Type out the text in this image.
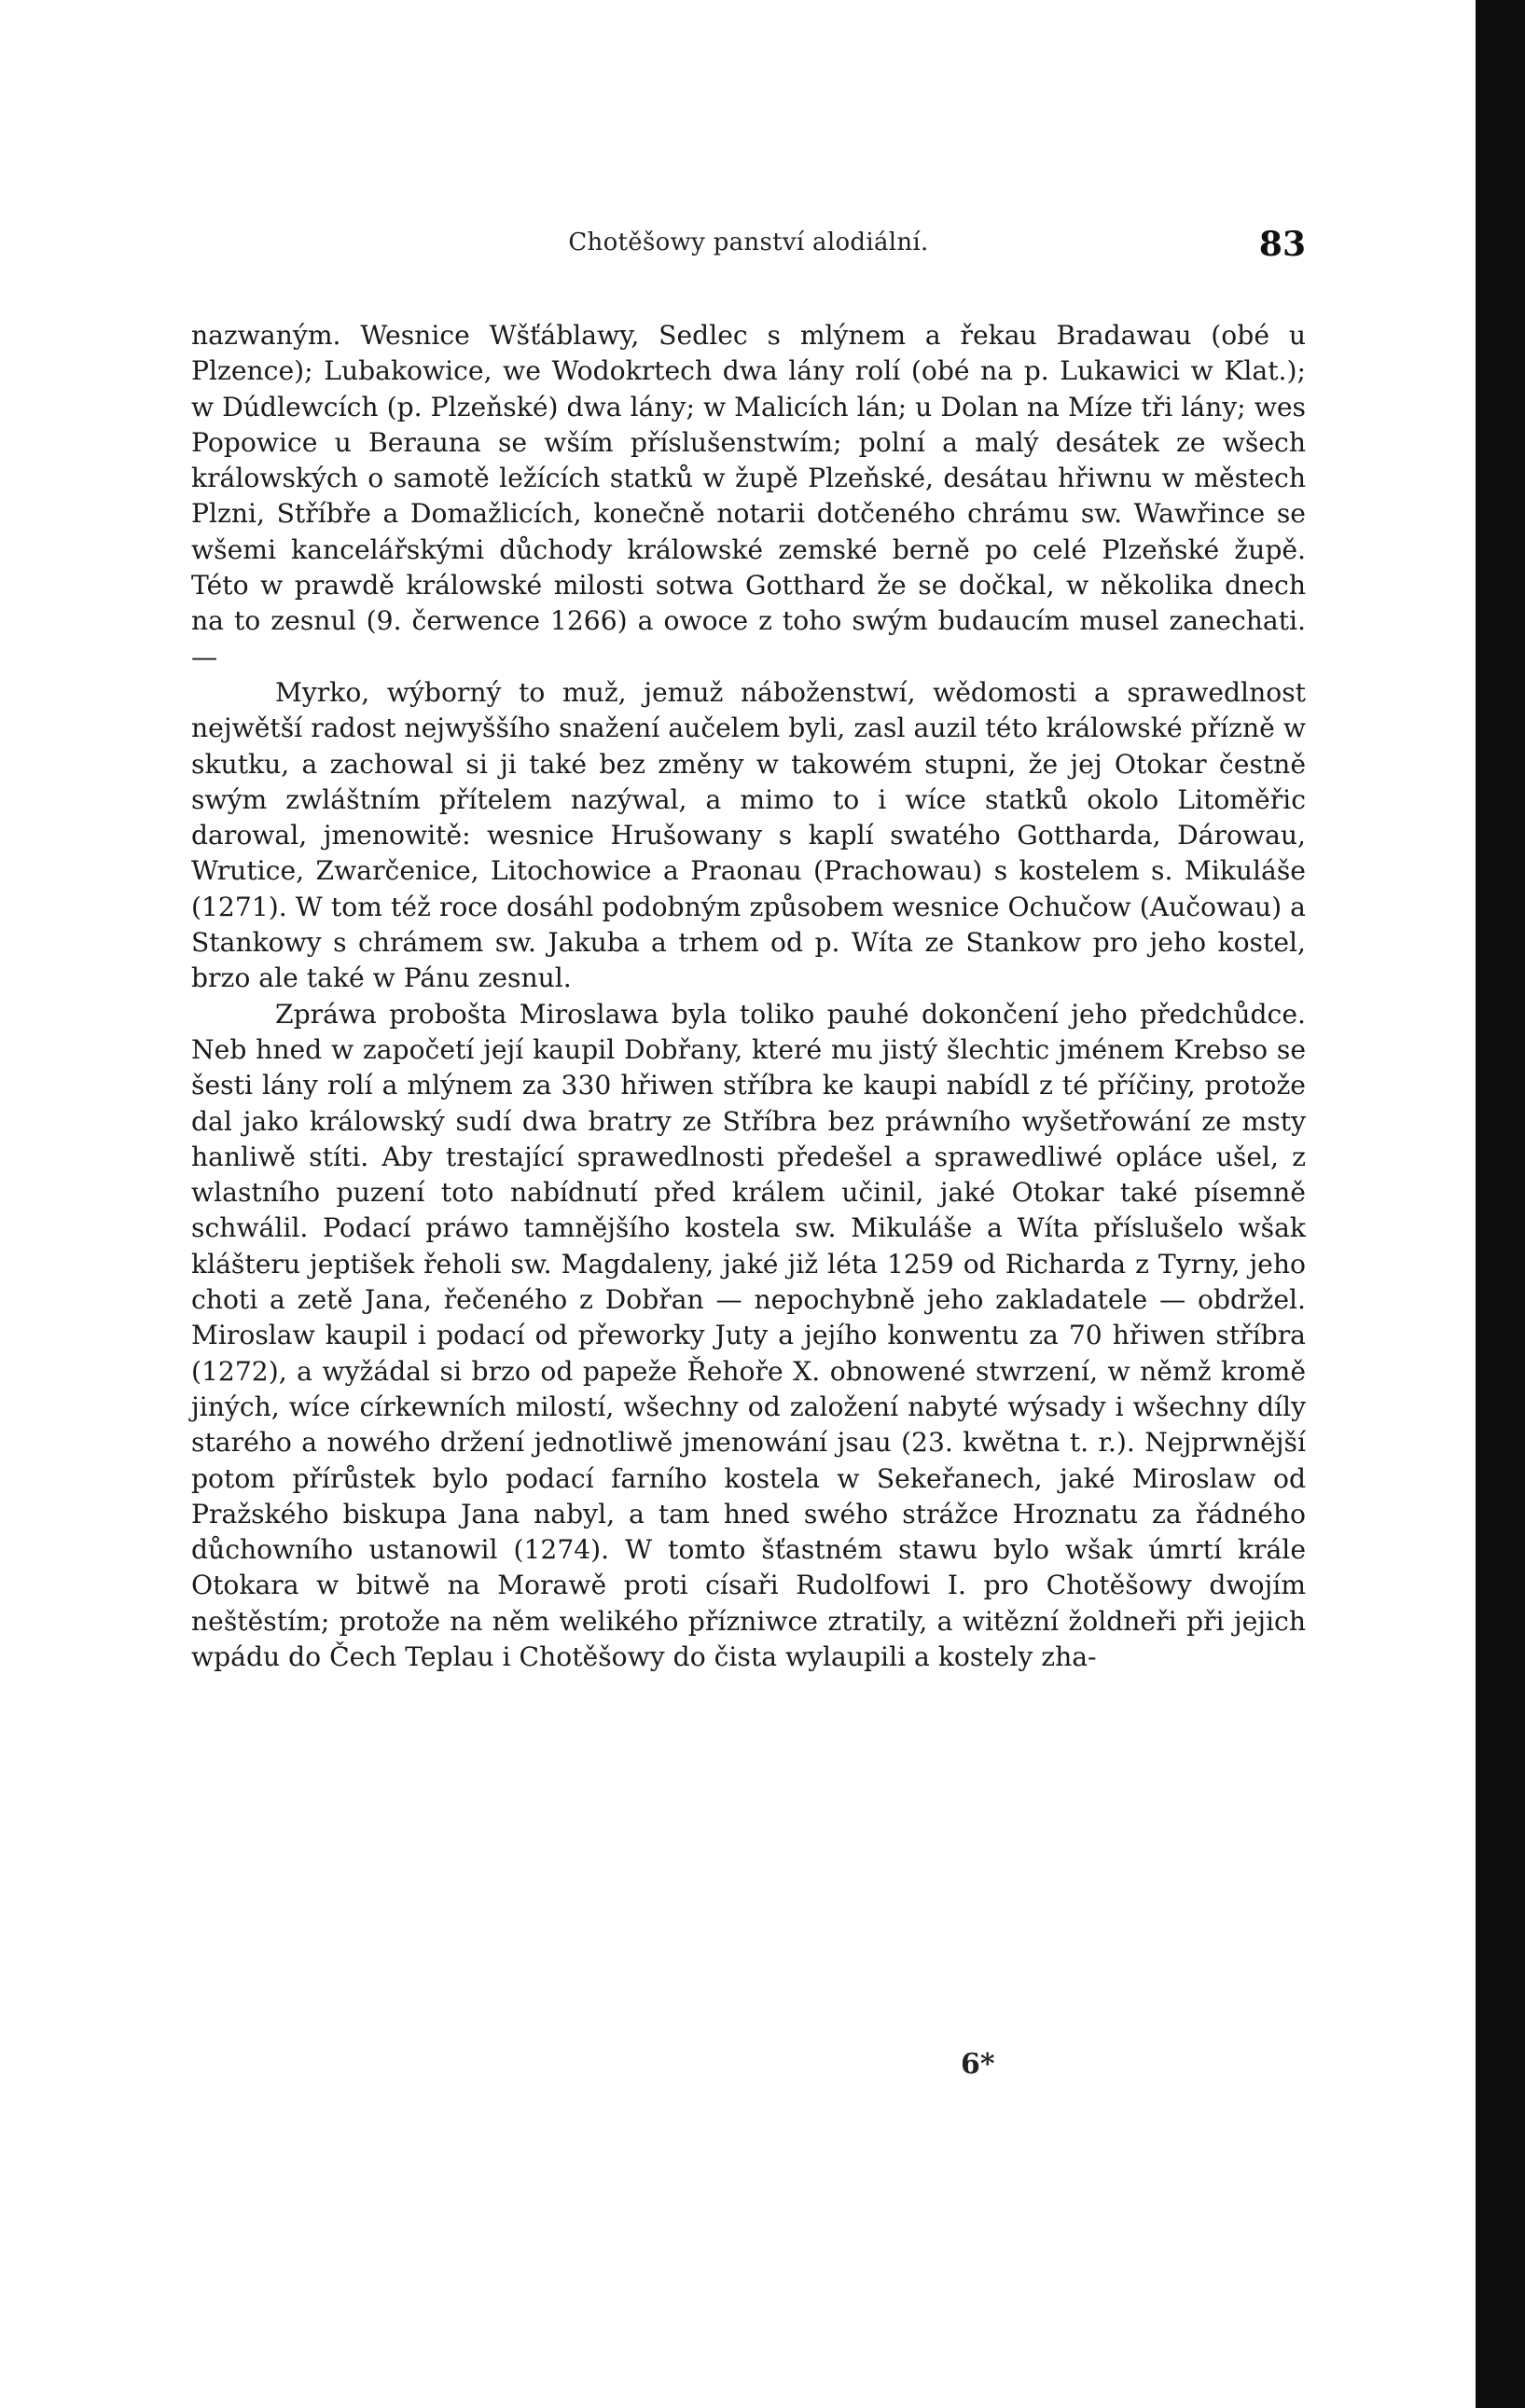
Chotěšowy panství alodiální.	83

nazwaným. Wesnice Wšťáblawy, Sedlec s mlýnem a řekau Bradawau (obé u Plzence); Lubakowice, we Wodokrtech dwa lány rolí (obé na p. Lukawici w Klat.); w Dúdlewcích (p. Plzeňské) dwa lány; w Malicích lán; u Dolan na Míze tři lány; wes Popowice u Berauna se wším příslušenstwím; polní a malý desátek ze wšech králowských o samotě ležících statků w župě Plzeňské, desátau hřiwnu w městech Plzni, Stříbře a Domažlicích, konečně notarii dotčeného chrámu sw. Wawřince se wšemi kancelářskými důchody králowské zemské berně po celé Plzeňské župě. Této w prawdě králowské milosti sotwa Gotthard že se dočkal, w několika dnech na to zesnul (9. čerwence 1266) a owoce z toho swým budaucím musel zanechati. —

Myrko, wýborný to muž, jemuž náboženstwí, wědomosti a sprawedlnost nejwětší radost nejwyššího snažení aučelem byli, zasl auzil této králowské přízně w skutku, a zachowal si ji také bez změny w takowém stupni, že jej Otokar čestně swým zwláštním přítelem nazýwal, a mimo to i wíce statků okolo Litoměřic darowal, jmenowitě: wesnice Hrušowany s kaplí swatého Gottharda, Dárowau, Wrutice, Zwarčenice, Litochowice a Praonau (Prachowau) s kostelem s. Mikuláše (1271). W tom též roce dosáhl podobným způsobem wesnice Ochučow (Aučowau) a Stankowy s chrámem sw. Jakuba a trhem od p. Wíta ze Stankow pro jeho kostel, brzo ale také w Pánu zesnul.

Zpráwa probošta Miroslawa byla toliko pauhé dokončení jeho předchůdce. Neb hned w započetí její kaupil Dobřany, které mu jistý šlechtic jménem Krebso se šesti lány rolí a mlýnem za 330 hřiwen stříbra ke kaupi nabídl z té příčiny, protože dal jako králowský sudí dwa bratry ze Stříbra bez práwního wyšetřowání ze msty hanliwě stíti. Aby trestající sprawedlnosti předešel a sprawedliwé opláce ušel, z wlastního puzení toto nabídnutí před králem učinil, jaké Otokar také písemně schwálil. Podací práwo tamnějšího kostela sw. Mikuláše a Wíta příslušelo wšak klášteru jeptišek řeholi sw. Magdaleny, jaké již léta 1259 od Richarda z Tyrny, jeho choti a zetě Jana, řečeného z Dobřan — nepochybně jeho zakladatele — obdržel. Miroslaw kaupil i podací od přeworky Juty a jejího konwentu za 70 hřiwen stříbra (1272), a wyžádal si brzo od papeže Řehoře X. obnowené stwrzení, w němž kromě jiných, wíce církewních milostí, wšechny od založení nabyté wýsady i wšechny díly starého a nowého držení jednotliwě jmenowání jsau (23. kwětna t. r.). Nejprwnější potom přírůstek bylo podací farního kostela w Sekeřanech, jaké Miroslaw od Pražského biskupa Jana nabyl, a tam hned swého strážce Hroznatu za řádného důchowního ustanowil (1274). W tomto šťastném stawu bylo wšak úmrtí krále Otokara w bitwě na Morawě proti císaři Rudolfowi I. pro Chotěšowy dwojím neštěstím; protože na něm welikého přízniwce ztratily, a witězní žoldneři při jejich wpádu do Čech Teplau i Chotěšowy do čista wylaupili a kostely zha-

6*
